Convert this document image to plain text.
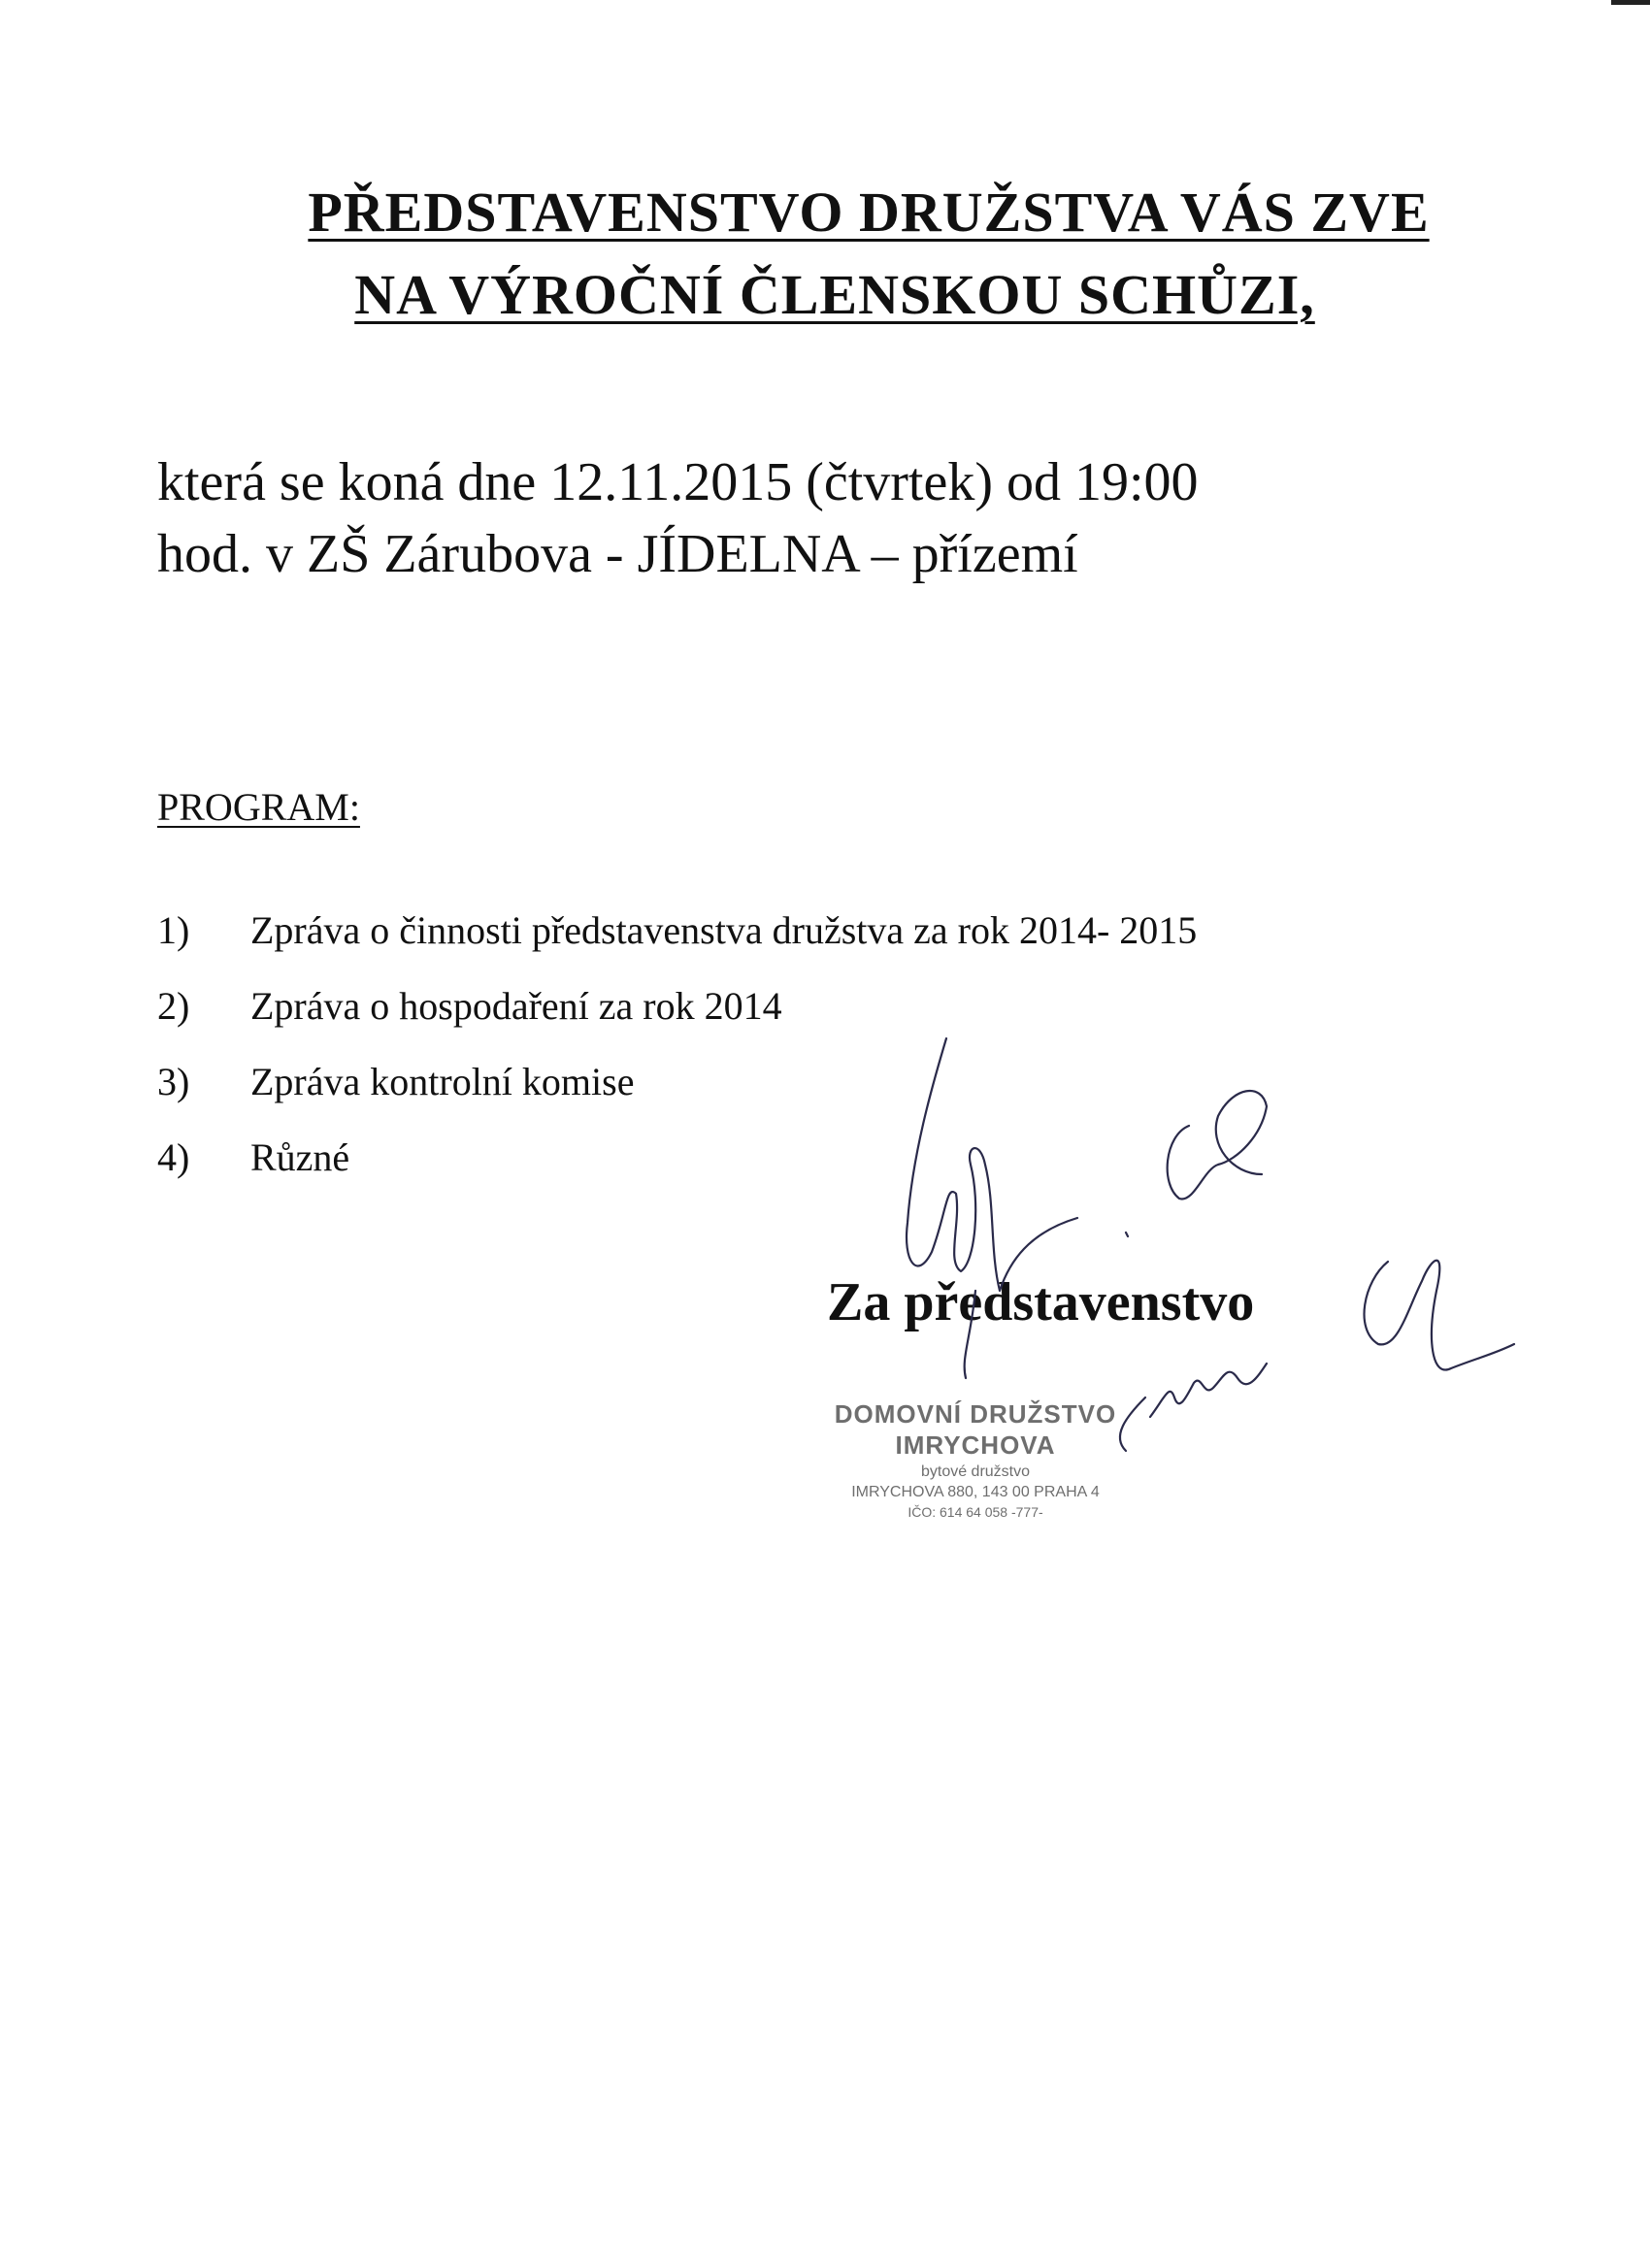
PŘEDSTAVENSTVO DRUŽSTVA VÁS ZVE
NA VÝROČNÍ ČLENSKOU SCHŮZI,
která se koná dne 12.11.2015 (čtvrtek) od 19:00
hod. v ZŠ Zárubova - JÍDELNA – přízemí
PROGRAM:
1)	Zpráva o činnosti představenstva družstva za rok 2014- 2015
2)	Zpráva o hospodaření za rok 2014
3)	Zpráva kontrolní komise
4)	Různé
Za představenstvo
DOMOVNÍ DRUŽSTVO
IMRYCHOVA
bytové družstvo
IMRYCHOVA 880, 143 00 PRAHA 4
IČO: 614 64 058 -777-
